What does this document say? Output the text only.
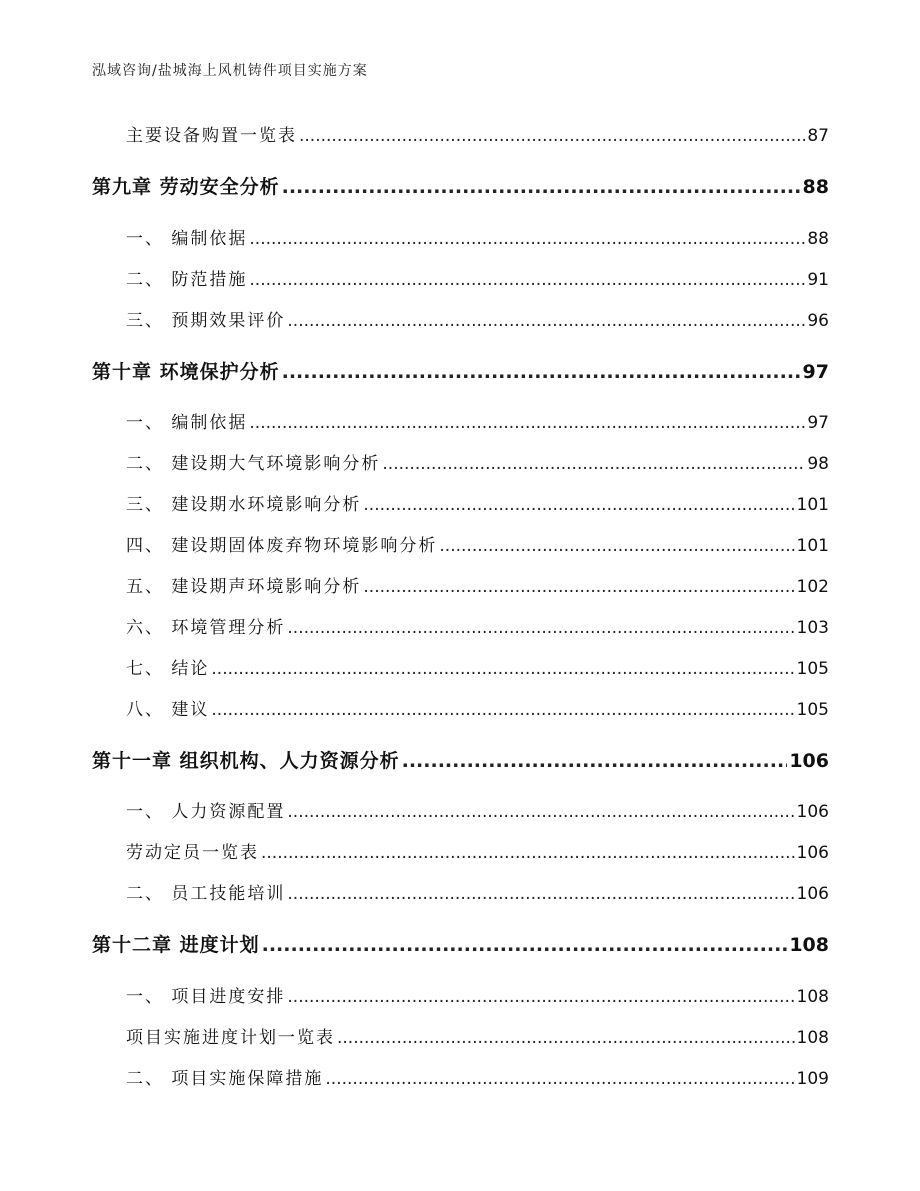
泓域咨询/盐城海上风机铸件项目实施方案
主要设备购置一览表 .....	87
第九章 劳动安全分析 .....	88
一、 编制依据 .....	88
二、 防范措施 .....	91
三、 预期效果评价 .....	96
第十章 环境保护分析 .....	97
一、 编制依据 .....	97
二、 建设期大气环境影响分析 .....	98
三、 建设期水环境影响分析 .....	101
四、 建设期固体废弃物环境影响分析 .....	101
五、 建设期声环境影响分析 .....	102
六、 环境管理分析 .....	103
七、 结论 .....	105
八、 建议 .....	105
第十一章 组织机构、人力资源分析 .....	106
一、 人力资源配置 .....	106
劳动定员一览表 .....	106
二、 员工技能培训 .....	106
第十二章 进度计划 .....	108
一、 项目进度安排 .....	108
项目实施进度计划一览表 .....	108
二、 项目实施保障措施 .....	109
